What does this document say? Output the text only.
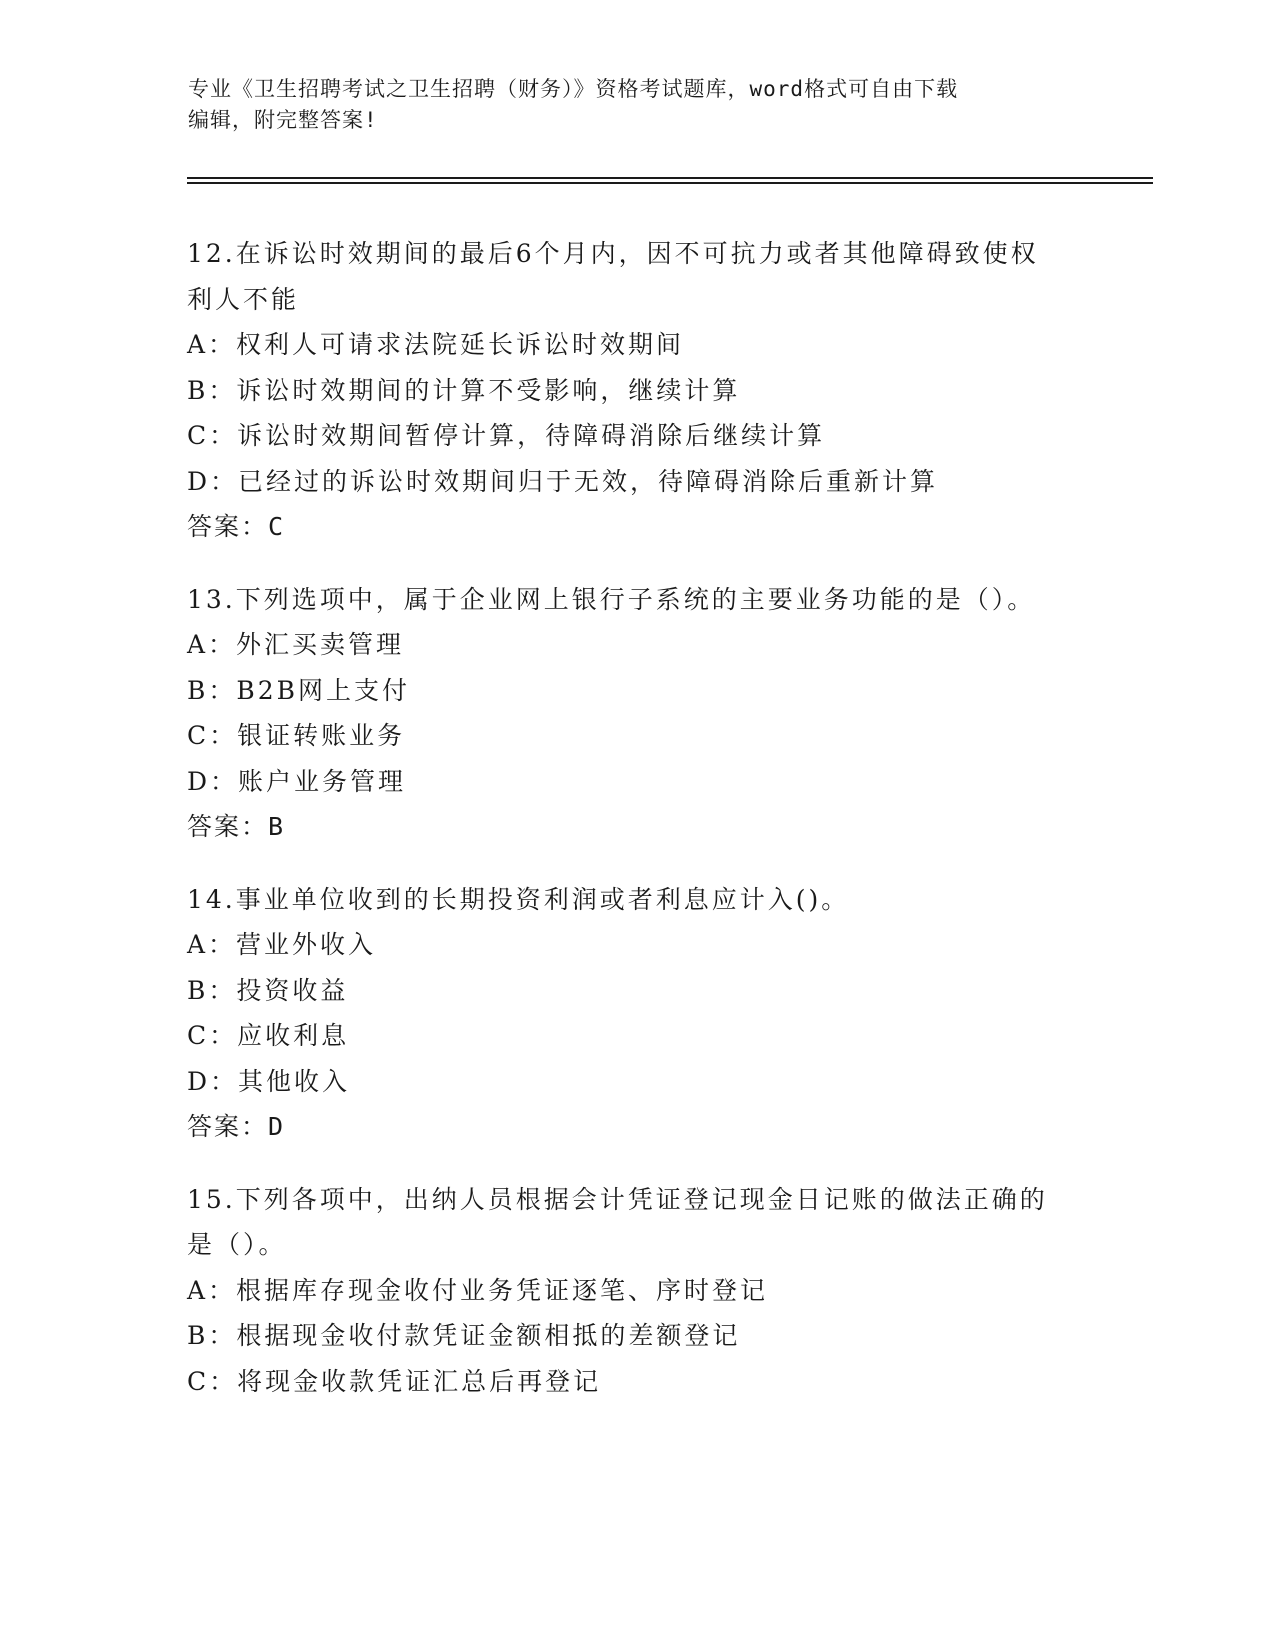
专业《卫生招聘考试之卫生招聘（财务）》资格考试题库，word格式可自由下载
编辑，附完整答案!
12.在诉讼时效期间的最后6个月内，因不可抗力或者其他障碍致使权
利人不能
A：权利人可请求法院延长诉讼时效期间
B：诉讼时效期间的计算不受影响，继续计算
C：诉讼时效期间暂停计算，待障碍消除后继续计算
D：已经过的诉讼时效期间归于无效，待障碍消除后重新计算
答案：C
13.下列选项中，属于企业网上银行子系统的主要业务功能的是（）。
A：外汇买卖管理
B：B2B网上支付
C：银证转账业务
D：账户业务管理
答案：B
14.事业单位收到的长期投资利润或者利息应计入()。
A：营业外收入
B：投资收益
C：应收利息
D：其他收入
答案：D
15.下列各项中，出纳人员根据会计凭证登记现金日记账的做法正确的
是（）。
A：根据库存现金收付业务凭证逐笔、序时登记
B：根据现金收付款凭证金额相抵的差额登记
C：将现金收款凭证汇总后再登记
